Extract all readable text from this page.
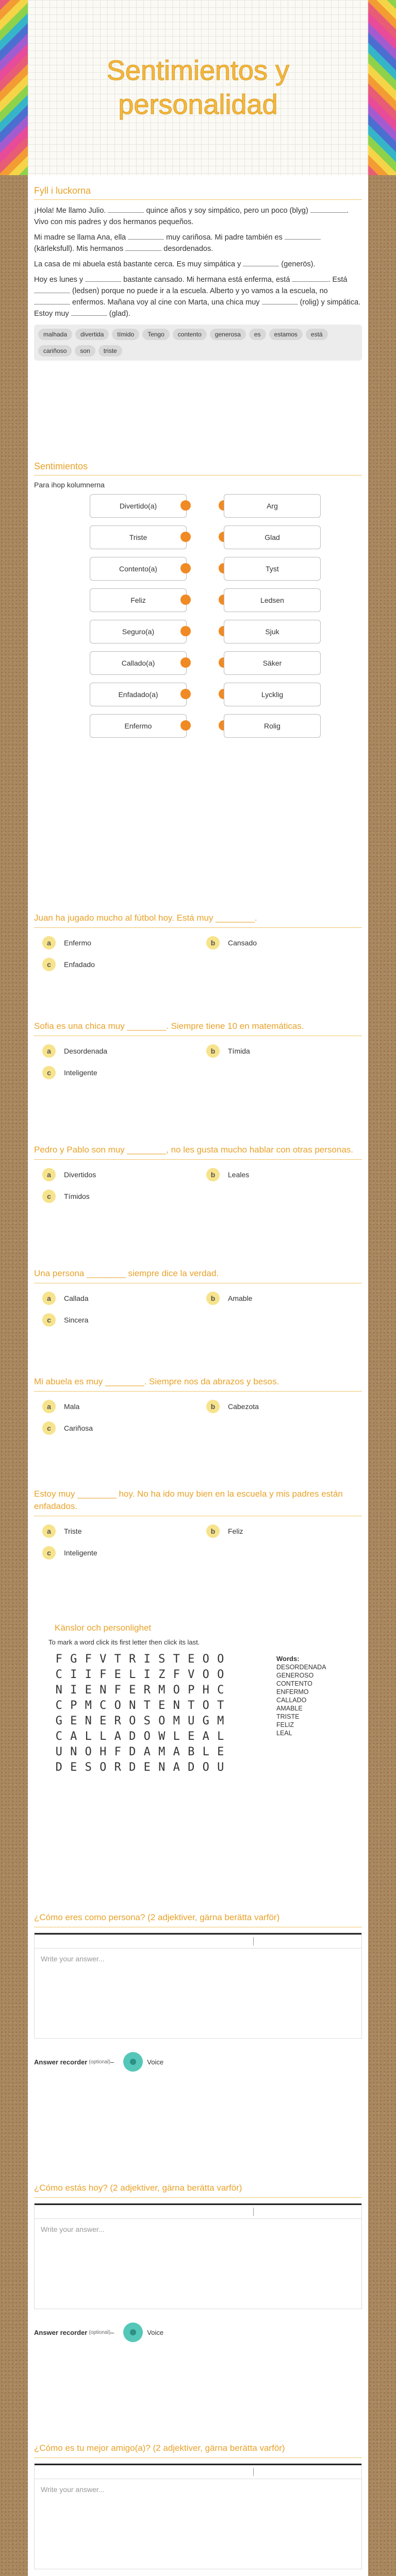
Sentimientos y personalidad
Fyll i luckorna

¡Hola! Me llamo Julio.	quince años y soy simpático, pero un poco (blyg)	. Vivo con mis padres y dos hermanos pequeños.

Mi madre se llama Ana, ella	muy cariñosa. Mi padre también es  (kärleksfull). Mis hermanos	desordenados.

La casa de mi abuela está bastante cerca. Es muy simpática y	(generös).

Hoy es lunes y	bastante cansado. Mi hermana está enferma, está	. Está  (ledsen) porque no puede ir a la escuela. Alberto y yo vamos a la escuela, no  enfermos. Mañana voy al cine con Marta, una chica muy	(rolig) y simpática. Estoy muy	(glad).

malhada	divertida	tímido	Tengo	contento	generosa	es	estamos	está
cariñoso	son	triste
Sentimientos
Para ihop kolumnerna
Divertido(a)	Arg
Triste	Glad
Contento(a)	Tyst
Feliz	Ledsen
Seguro(a)	Sjuk
Callado(a)	Säker
Enfadado(a)	Lycklig
Enfermo	Rolig
Juan ha jugado mucho al fútbol hoy. Está muy ________.
a	Enfermo	b	Cansado
c	Enfadado
Sofia es una chica muy ________. Siempre tiene 10 en matemáticas.
a	Desordenada	b	Tímida
c	Inteligente
Pedro y Pablo son muy ________, no les gusta mucho hablar con otras personas.
a	Divertidos	b	Leales
c	Tímidos
Una persona ________ siempre dice la verdad.
a	Callada	b	Amable
c	Sincera
Mi abuela es muy ________. Siempre nos da abrazos y besos.
a	Mala	b	Cabezota
c	Cariñosa
Estoy muy ________ hoy. No ha ido muy bien en la escuela y mis padres están enfadados.
a	Triste	b	Feliz
c	Inteligente
Känslor och personlighet
To mark a word click its first letter then click its last.
F G F V T R I S T E O O
C I I F E L I Z F V O O
N I E N F E R M O P H C
C P M C O N T E N T O T
G E N E R O S O M U G M
C A L L A D O W L E A L
U N O H F D A M A B L E
D E S O R D E N A D O U
Words:
DESORDENADA
GENEROSO
CONTENTO
ENFERMO
CALLADO
AMABLE
TRISTE
FELIZ
LEAL
¿Cómo eres como persona? (2 adjektiver, gärna berätta varför)
Write your answer...
Answer recorder (optional) –	Voice
¿Cómo estás hoy? (2 adjektiver, gärna berätta varför)
Write your answer...
Answer recorder (optional) –	Voice
¿Cómo es tu mejor amigo(a)? (2 adjektiver, gärna berätta varför)
Write your answer...
